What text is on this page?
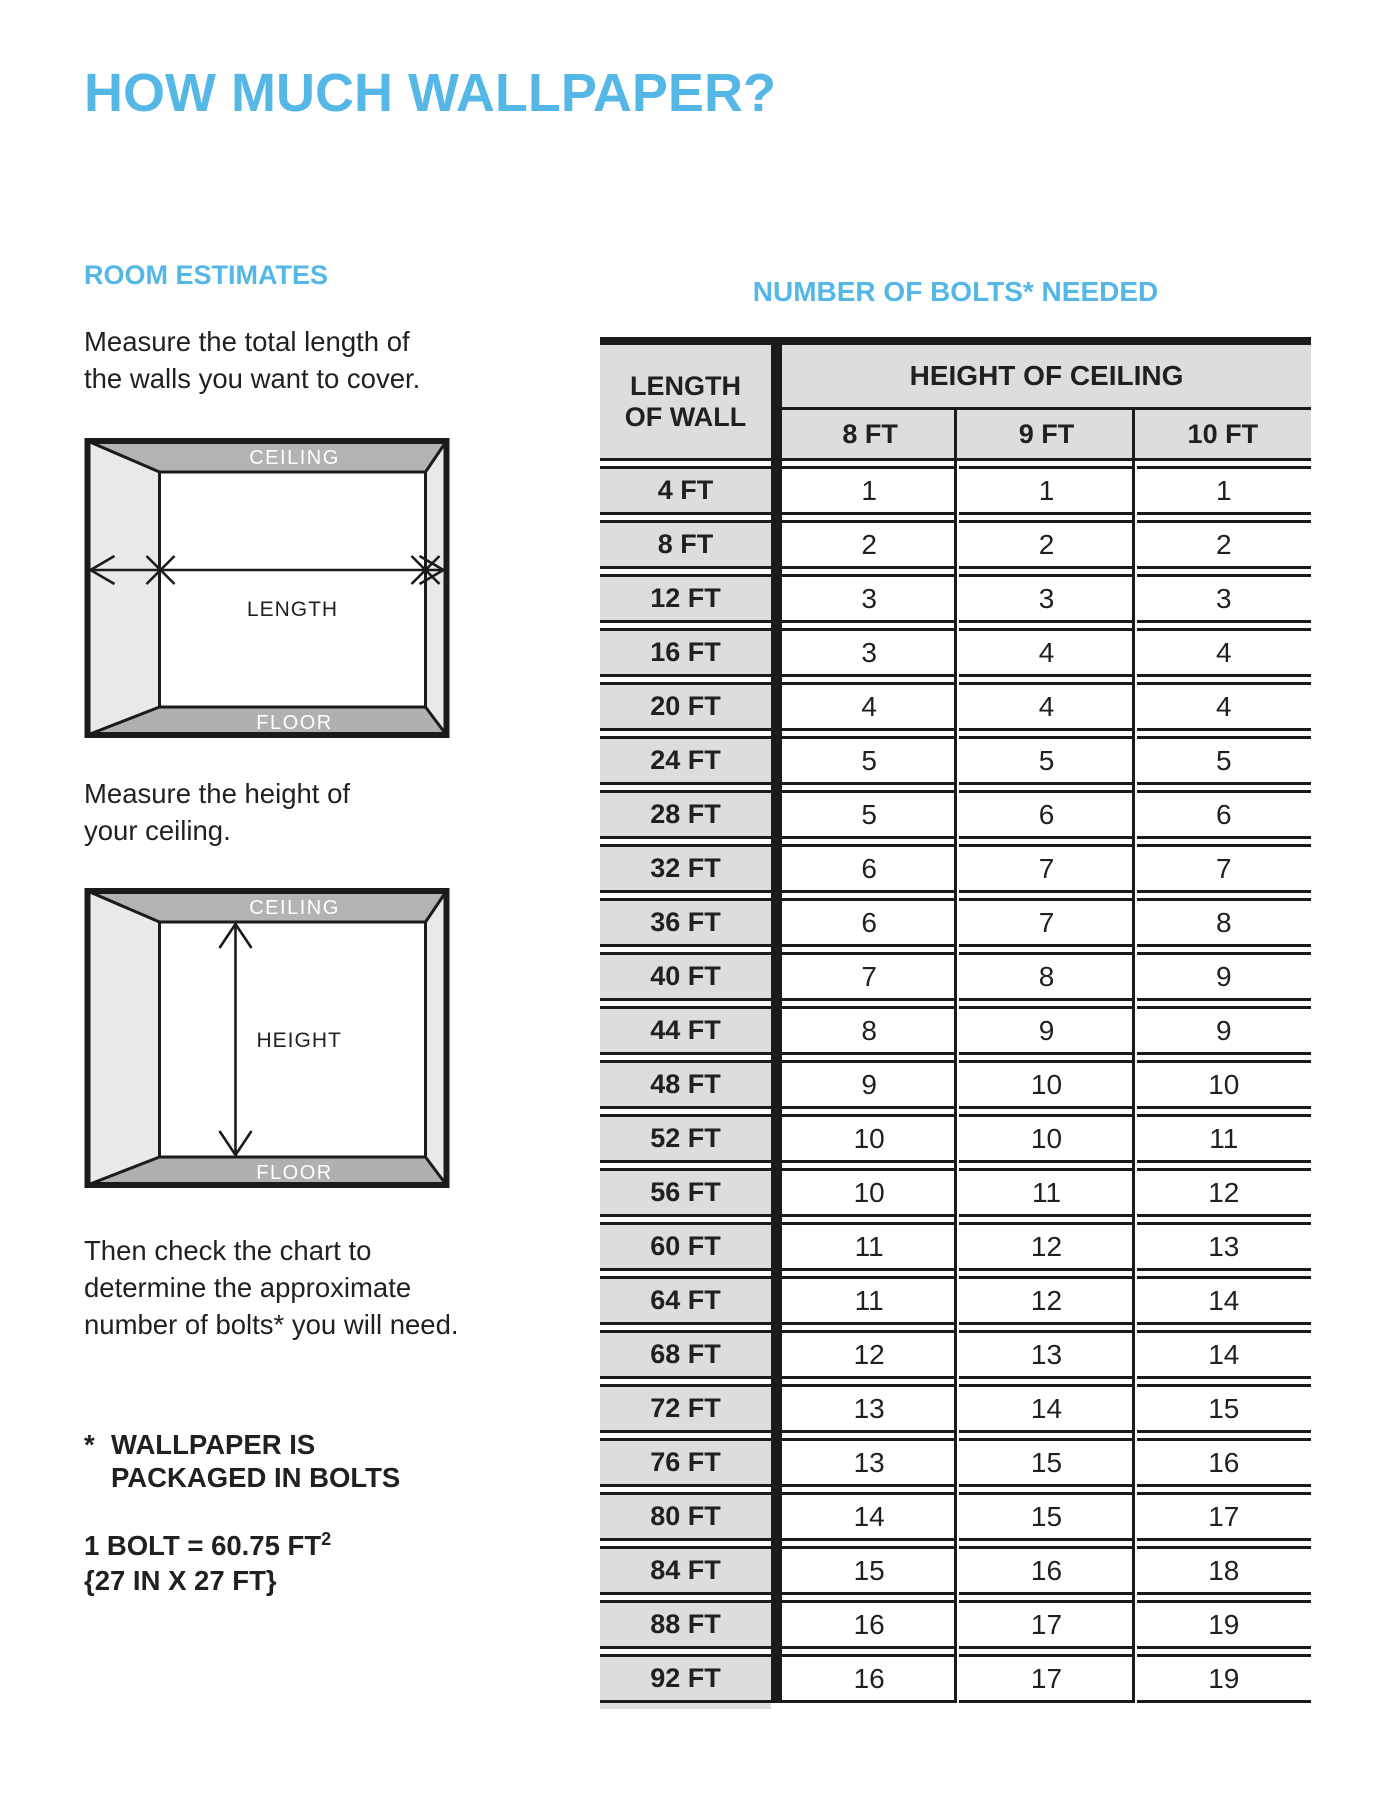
HOW MUCH WALLPAPER?
ROOM ESTIMATES
Measure the total length of
the walls you want to cover.
CEILING
LENGTH
FLOOR
Measure the height of
your ceiling.
CEILING
HEIGHT
FLOOR
Then check the chart to
determine the approximate
number of bolts* you will need.
* WALLPAPER IS
PACKAGED IN BOLTS
1 BOLT = 60.75 $FT^2$
{27 IN X 27 FT}
NUMBER OF BOLTS* NEEDED
LENGTH
OF WALL
HEIGHT OF CEILING
8 FT	9 FT	10 FT
4 FT	1	1	1
8 FT	2	2	2
12 FT	3	3	3
16 FT	3	4	4
20 FT	4	4	4
24 FT	5	5	5
28 FT	5	6	6
32 FT	6	7	7
36 FT	6	7	8
40 FT	7	8	9
44 FT	8	9	9
48 FT	9	10	10
52 FT	10	10	11
56 FT	10	11	12
60 FT	11	12	13
64 FT	11	12	14
68 FT	12	13	14
72 FT	13	14	15
76 FT	13	15	16
80 FT	14	15	17
84 FT	15	16	18
88 FT	16	17	19
92 FT	16	17	19
